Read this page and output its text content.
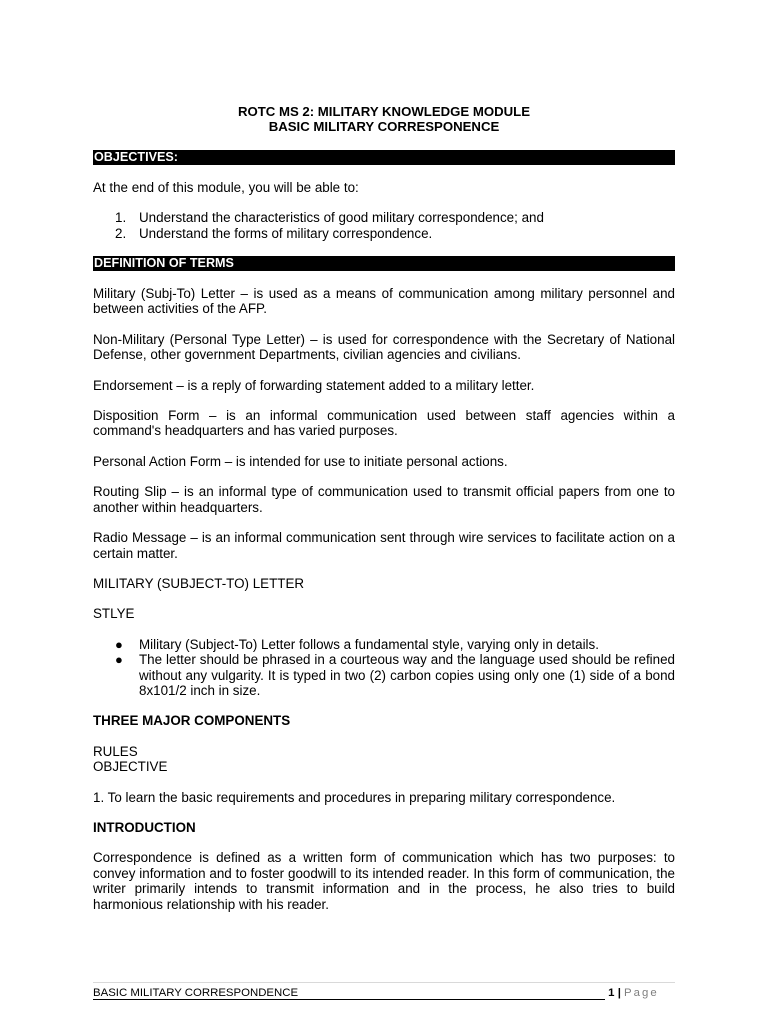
ROTC MS 2: MILITARY KNOWLEDGE MODULE
BASIC MILITARY CORRESPONENCE
OBJECTIVES:

At the end of this module, you will be able to:

1. Understand the characteristics of good military correspondence; and
2. Understand the forms of military correspondence.
DEFINITION OF TERMS

Military (Subj-To) Letter – is used as a means of communication among military personnel and between activities of the AFP.

Non-Military (Personal Type Letter) – is used for correspondence with the Secretary of National Defense, other government Departments, civilian agencies and civilians.

Endorsement – is a reply of forwarding statement added to a military letter.

Disposition Form – is an informal communication used between staff agencies within a command's headquarters and has varied purposes.

Personal Action Form – is intended for use to initiate personal actions.

Routing Slip – is an informal type of communication used to transmit official papers from one to another within headquarters.

Radio Message – is an informal communication sent through wire services to facilitate action on a certain matter.

MILITARY (SUBJECT-TO) LETTER

STLYE

● Military (Subject-To) Letter follows a fundamental style, varying only in details.
● The letter should be phrased in a courteous way and the language used should be refined without any vulgarity. It is typed in two (2) carbon copies using only one (1) side of a bond 8x101/2 inch in size.

THREE MAJOR COMPONENTS

RULES

OBJECTIVE

1. To learn the basic requirements and procedures in preparing military correspondence.

INTRODUCTION

Correspondence is defined as a written form of communication which has two purposes: to convey information and to foster goodwill to its intended reader. In this form of communication, the writer primarily intends to transmit information and in the process, he also tries to build harmonious relationship with his reader.

BASIC MILITARY CORRESPONDENCE	1 | Page
